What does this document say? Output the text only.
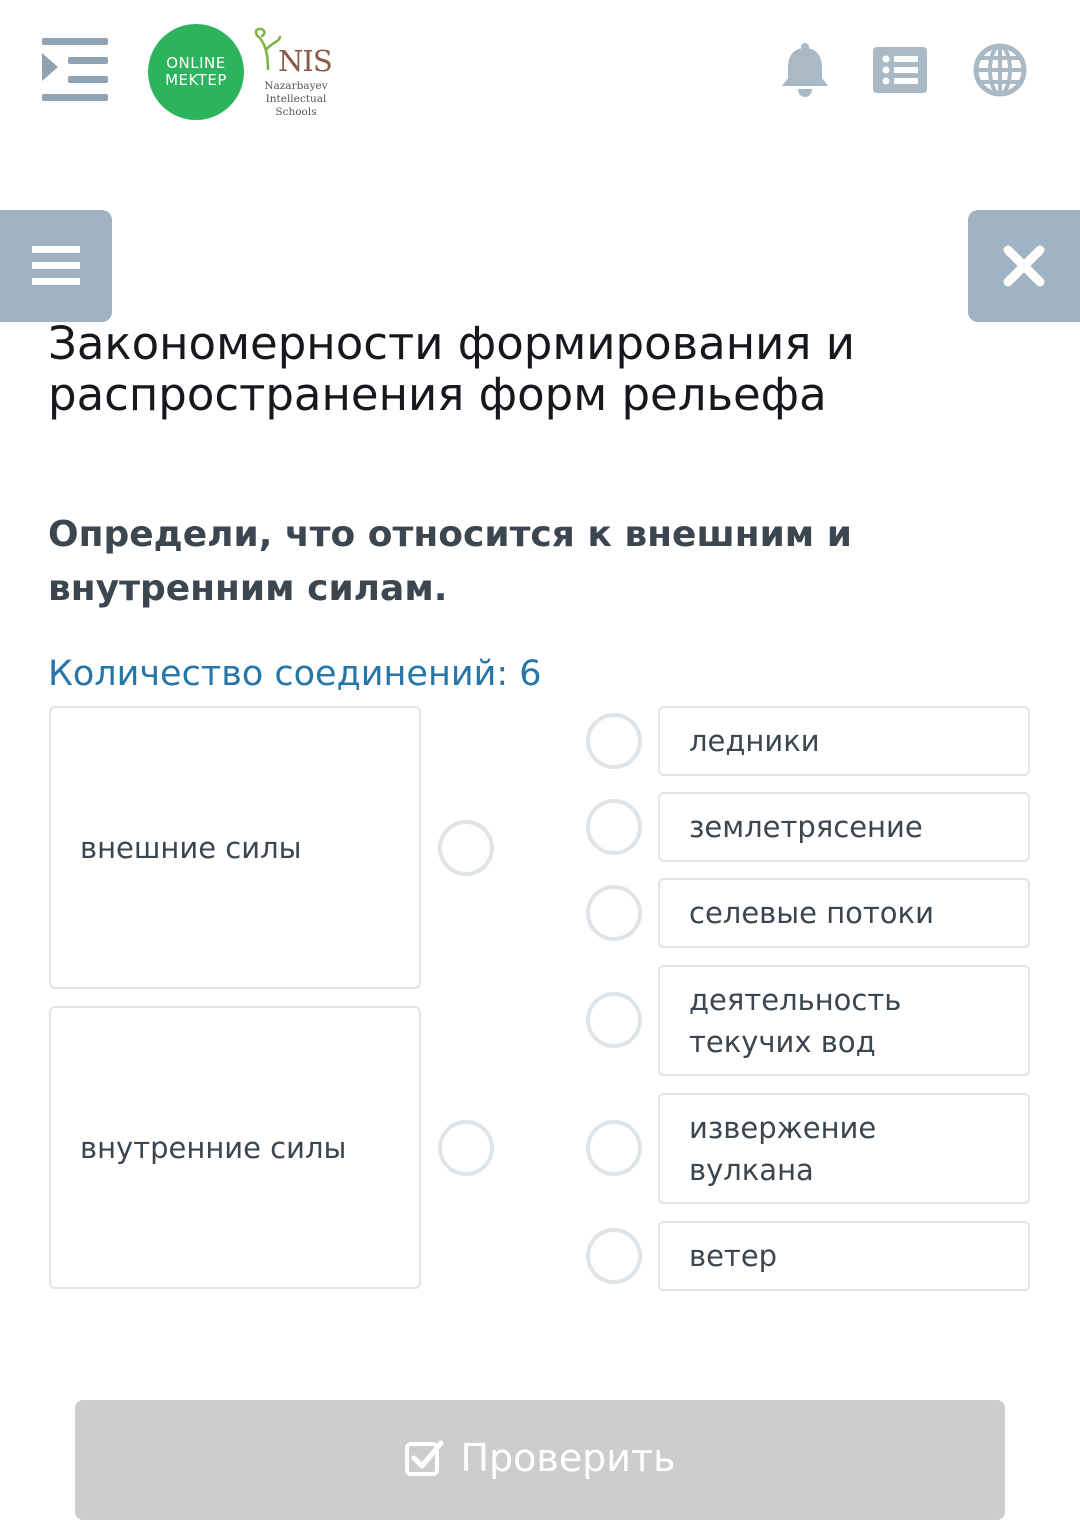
ONLINE
MEKTEP
NIS
Nazarbayev
Intellectual
Schools
Закономерности формирования и распространения форм рельефа

Определи, что относится к внешним и внутренним силам.

Количество соединений: 6
внешние силы
внутренние силы
ледники
землетрясение
селевые потоки
деятельность текучих вод
извержение вулкана
ветер
Проверить
